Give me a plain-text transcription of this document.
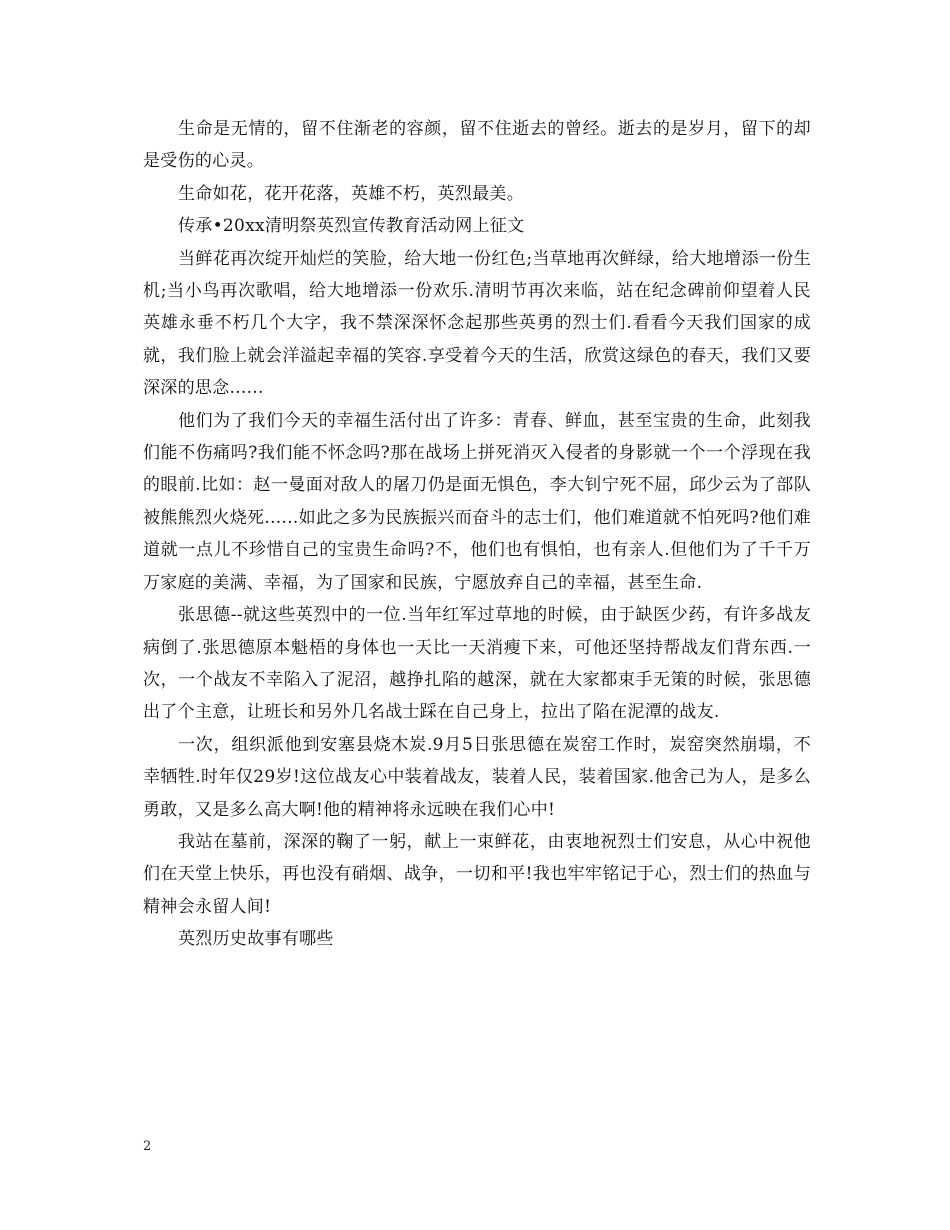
生命是无情的，留不住渐老的容颜，留不住逝去的曾经。逝去的是岁月，留下的却是受伤的心灵。

生命如花，花开花落，英雄不朽，英烈最美。

传承•20xx清明祭英烈宣传教育活动网上征文

当鲜花再次绽开灿烂的笑脸，给大地一份红色;当草地再次鲜绿，给大地增添一份生机;当小鸟再次歌唱，给大地增添一份欢乐.清明节再次来临，站在纪念碑前仰望着人民英雄永垂不朽几个大字，我不禁深深怀念起那些英勇的烈士们.看看今天我们国家的成就，我们脸上就会洋溢起幸福的笑容.享受着今天的生活，欣赏这绿色的春天，我们又要深深的思念......

他们为了我们今天的幸福生活付出了许多：青春、鲜血，甚至宝贵的生命，此刻我们能不伤痛吗?我们能不怀念吗?那在战场上拼死消灭入侵者的身影就一个一个浮现在我的眼前.比如：赵一曼面对敌人的屠刀仍是面无惧色，李大钊宁死不屈，邱少云为了部队被熊熊烈火烧死......如此之多为民族振兴而奋斗的志士们，他们难道就不怕死吗?他们难道就一点儿不珍惜自己的宝贵生命吗?不，他们也有惧怕，也有亲人.但他们为了千千万万家庭的美满、幸福，为了国家和民族，宁愿放弃自己的幸福，甚至生命.

张思德--就这些英烈中的一位.当年红军过草地的时候，由于缺医少药，有许多战友病倒了.张思德原本魁梧的身体也一天比一天消瘦下来，可他还坚持帮战友们背东西.一次，一个战友不幸陷入了泥沼，越挣扎陷的越深，就在大家都束手无策的时候，张思德出了个主意，让班长和另外几名战士踩在自己身上，拉出了陷在泥潭的战友.

一次，组织派他到安塞县烧木炭.9月5日张思德在炭窑工作时，炭窑突然崩塌，不幸牺牲.时年仅29岁!这位战友心中装着战友，装着人民，装着国家.他舍己为人，是多么勇敢，又是多么高大啊!他的精神将永远映在我们心中!

我站在墓前，深深的鞠了一躬，献上一束鲜花，由衷地祝烈士们安息，从心中祝他们在天堂上快乐，再也没有硝烟、战争，一切和平!我也牢牢铭记于心，烈士们的热血与精神会永留人间!

英烈历史故事有哪些

2
